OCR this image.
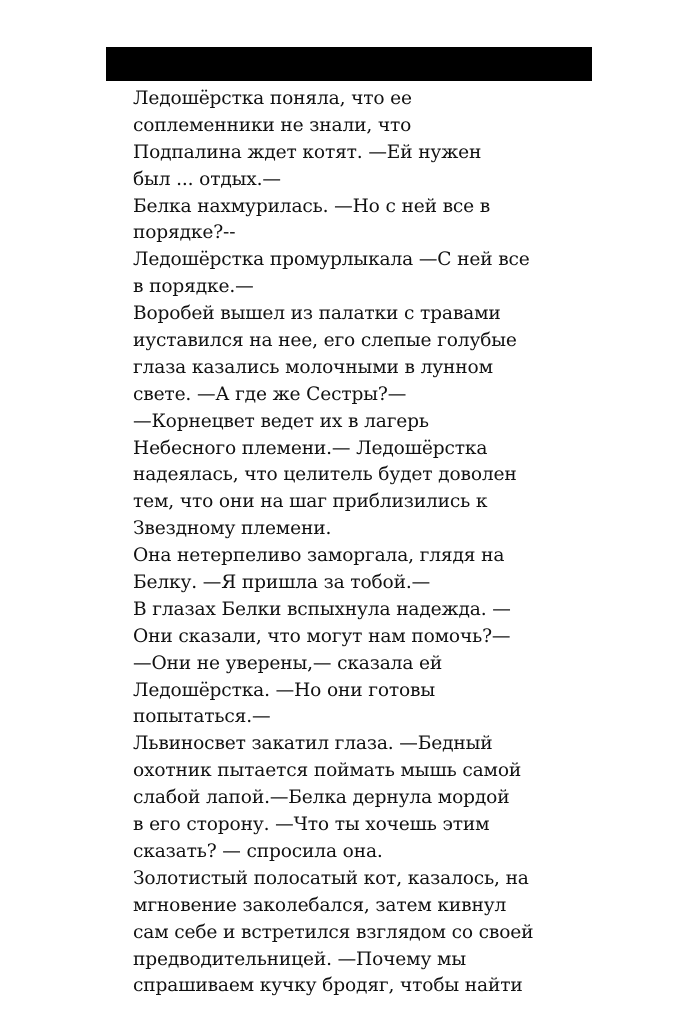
Ледошёрстка поняла, что ее
соплеменники не знали, что
Подпалина ждет котят. —Ей нужен
был ... отдых.—
Белка нахмурилась. —Но с ней все в
порядке?--
Ледошёрстка промурлыкала —С ней все
в порядке.—
Воробей вышел из палатки с травами
иуставился на нее, его слепые голубые
глаза казались молочными в лунном
свете. —А где же Сестры?—
—Корнецвет ведет их в лагерь
Небесного племени.— Ледошёрстка
надеялась, что целитель будет доволен
тем, что они на шаг приблизились к
Звездному племени.
Она нетерпеливо заморгала, глядя на
Белку. —Я пришла за тобой.—
В глазах Белки вспыхнула надежда. —
Они сказали, что могут нам помочь?—
—Они не уверены,— сказала ей
Ледошёрстка. —Но они готовы
попытаться.—
Львиносвет закатил глаза. —Бедный
охотник пытается поймать мышь самой
слабой лапой.—Белка дернула мордой
в его сторону. —Что ты хочешь этим
сказать? — спросила она.
Золотистый полосатый кот, казалось, на
мгновение заколебался, затем кивнул
сам себе и встретился взглядом со своей
предводительницей. —Почему мы
спрашиваем кучку бродяг, чтобы найти
